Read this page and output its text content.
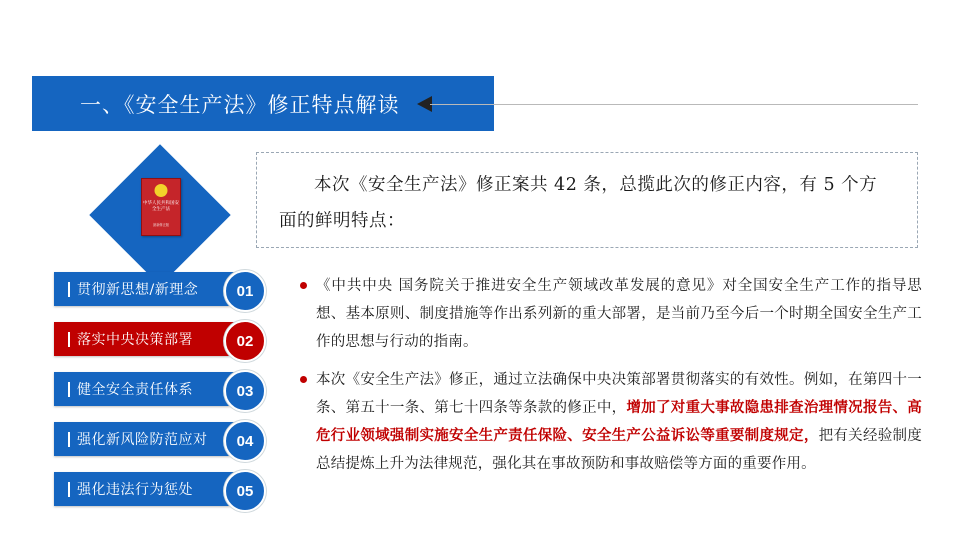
一、《安全生产法》修正特点解读
中华人民共和国安全生产法
最新修正版

本次《安全生产法》修正案共 42 条，总揽此次的修正内容，有 5 个方面的鲜明特点：

贯彻新思想/新理念	01
落实中央决策部署	02
健全安全责任体系	03
强化新风险防范应对	04
强化违法行为惩处	05

《中共中央 国务院关于推进安全生产领域改革发展的意见》对全国安全生产工作的指导思想、基本原则、制度措施等作出系列新的重大部署，是当前乃至今后一个时期全国安全生产工作的思想与行动的指南。

本次《安全生产法》修正，通过立法确保中央决策部署贯彻落实的有效性。例如，在第四十一条、第五十一条、第七十四条等条款的修正中，增加了对重大事故隐患排查治理情况报告、高危行业领域强制实施安全生产责任保险、安全生产公益诉讼等重要制度规定，把有关经验制度总结提炼上升为法律规范，强化其在事故预防和事故赔偿等方面的重要作用。
